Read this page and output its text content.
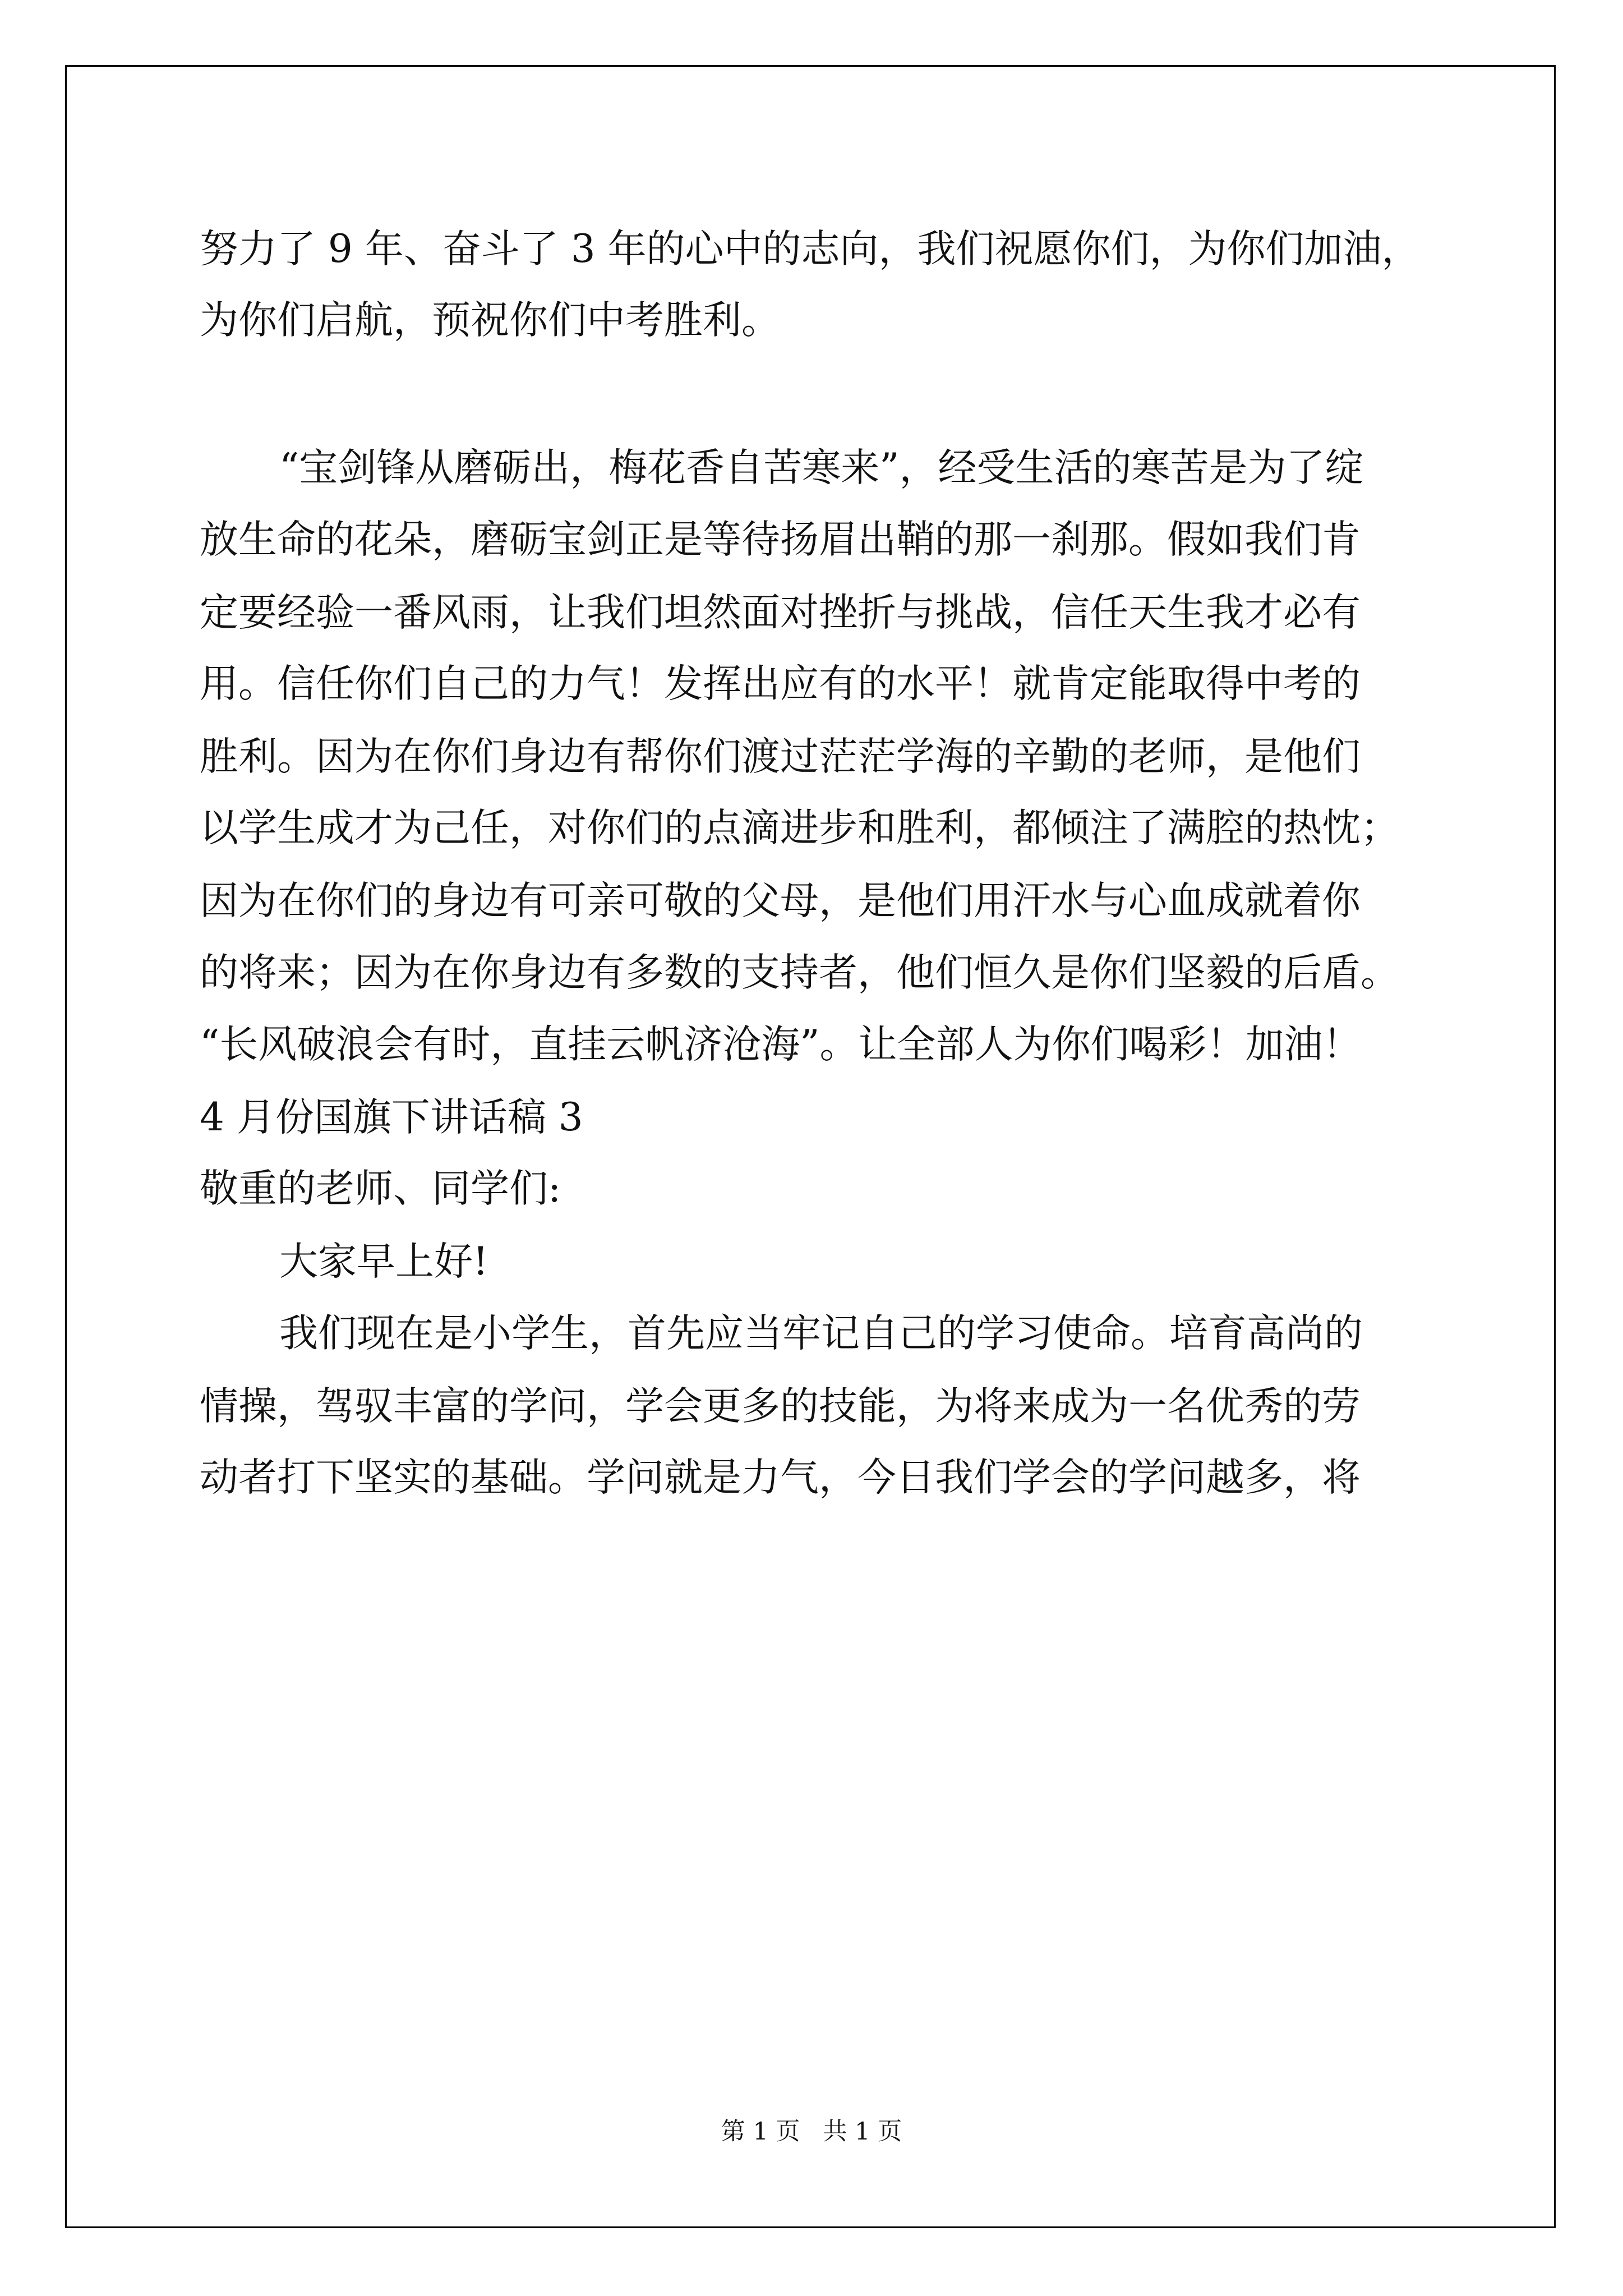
努力了 9 年、奋斗了 3 年的心中的志向，我们祝愿你们，为你们加油，
为你们启航，预祝你们中考胜利。
“宝剑锋从磨砺出，梅花香自苦寒来”，经受生活的寒苦是为了绽
放生命的花朵，磨砺宝剑正是等待扬眉出鞘的那一刹那。假如我们肯
定要经验一番风雨，让我们坦然面对挫折与挑战，信任天生我才必有
用。信任你们自己的力气！发挥出应有的水平！就肯定能取得中考的
胜利。因为在你们身边有帮你们渡过茫茫学海的辛勤的老师，是他们
以学生成才为己任，对你们的点滴进步和胜利，都倾注了满腔的热忱；
因为在你们的身边有可亲可敬的父母，是他们用汗水与心血成就着你
的将来；因为在你身边有多数的支持者，他们恒久是你们坚毅的后盾。
“长风破浪会有时，直挂云帆济沧海”。让全部人为你们喝彩！加油！
4 月份国旗下讲话稿 3
敬重的老师、同学们:
大家早上好!
我们现在是小学生，首先应当牢记自己的学习使命。培育高尚的
情操，驾驭丰富的学问，学会更多的技能，为将来成为一名优秀的劳
动者打下坚实的基础。学问就是力气，今日我们学会的学问越多，将
第 1 页   共 1 页
